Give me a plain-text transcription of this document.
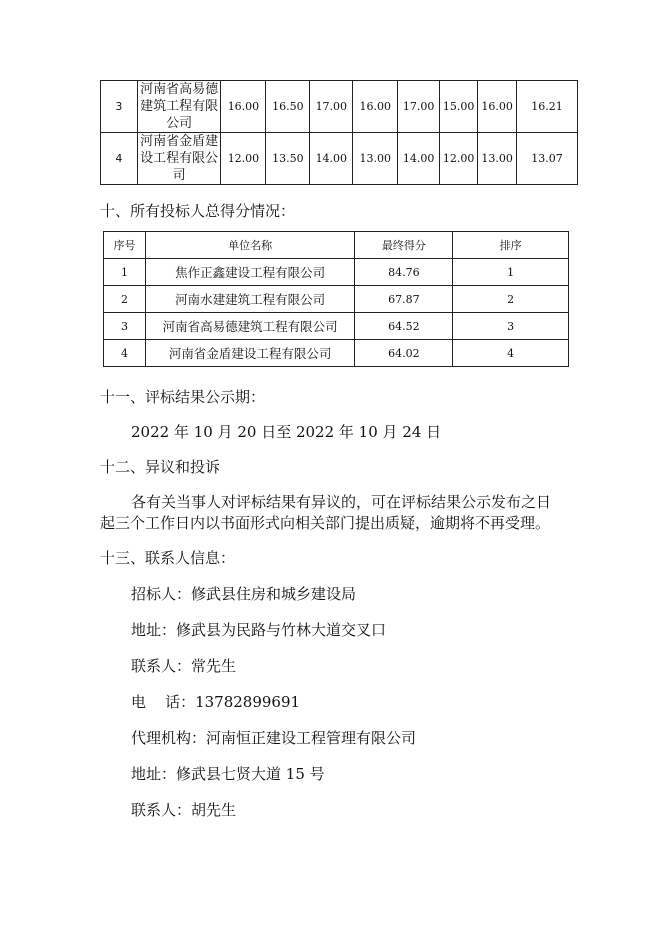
3	河南省高易德建筑工程有限公司	16.00	16.50	17.00	16.00	17.00	15.00	16.00	16.21
4	河南省金盾建设工程有限公司	12.00	13.50	14.00	13.00	14.00	12.00	13.00	13.07
十、所有投标人总得分情况：
序号	单位名称	最终得分	排序
1	焦作正鑫建设工程有限公司	84.76	1
2	河南水建建筑工程有限公司	67.87	2
3	河南省高易德建筑工程有限公司	64.52	3
4	河南省金盾建设工程有限公司	64.02	4
十一、评标结果公示期：
2022 年 10 月 20 日至 2022 年 10 月 24 日
十二、异议和投诉
各有关当事人对评标结果有异议的，可在评标结果公示发布之日
起三个工作日内以书面形式向相关部门提出质疑，逾期将不再受理。
十三、联系人信息：
招标人：修武县住房和城乡建设局
地址：修武县为民路与竹林大道交叉口
联系人：常先生
电    话：13782899691
代理机构：河南恒正建设工程管理有限公司
地址：修武县七贤大道 15 号
联系人：胡先生
